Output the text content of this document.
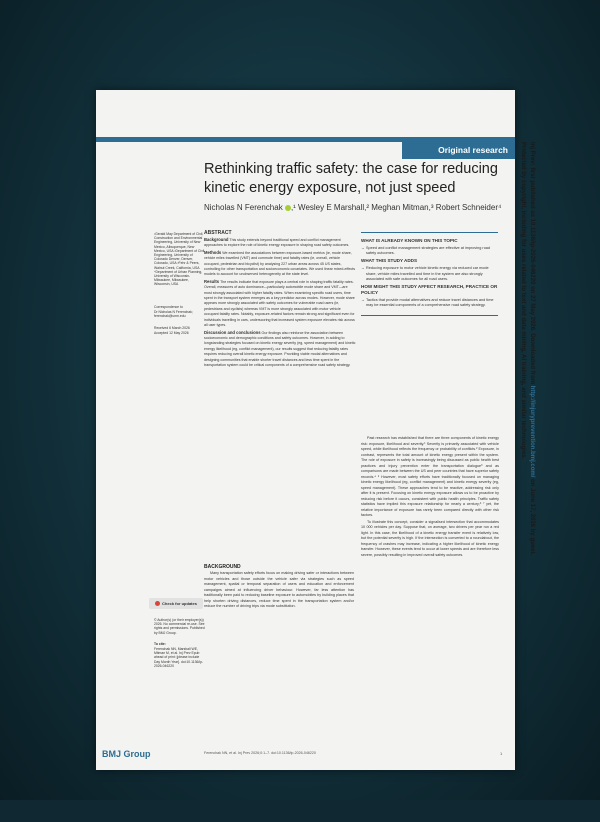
Original research
Rethinking traffic safety: the case for reducing kinetic energy exposure, not just speed
Nicholas N Ferenchak ,¹ Wesley E Marshall,² Meghan Mitman,³ Robert Schneider⁴
¹Gerald May Department of Civil, Construction and Environmental Engineering, University of New Mexico, Albuquerque, New Mexico, USA ²Department of Civil Engineering, University of Colorado Denver, Denver, Colorado, USA ³Fehr & Peers, Walnut Creek, California, USA ⁴Department of Urban Planning, University of Wisconsin-Milwaukee, Milwaukee, Wisconsin, USA
Correspondence to
Dr Nicholas N Ferenchak; ferenchak@unm.edu
Received 6 March 2026
Accepted 12 May 2026
ABSTRACT

Background This study extends beyond traditional speed and conflict management approaches to explore the role of kinetic energy exposure in shaping road safety outcomes.

Methods We examined the associations between exposure-based metrics (ie, mode share, vehicle miles travelled (VMT) and commute time) and fatality rates (ie, overall, vehicle occupant, pedestrian and bicyclist) by analysing 227 urban areas across 45 US states, controlling for other transportation and socioeconomic covariates. We used linear mixed-effects models to account for unobserved heterogeneity at the state level.

Results The results indicate that exposure plays a central role in shaping traffic fatality rates. Overall, measures of auto dominance—particularly automobile mode share and VMT—are most strongly associated with higher fatality rates. When examining specific road users, time spent in the transport system emerges as a key predictor across modes. However, mode share appears more strongly associated with safety outcomes for vulnerable road users (ie, pedestrians and cyclists) whereas VMT is more strongly associated with motor vehicle occupant fatality rates. Notably, exposure-related factors remain strong and significant even for individuals travelling in cars, underscoring that increased system exposure elevates risk across all user types.

Discussion and conclusions Our findings also reinforce the association between socioeconomic and demographic conditions and safety outcomes. However, in adding to longstanding strategies focused on kinetic energy severity (eg, speed management) and kinetic energy likelihood (eg, conflict management), our results suggest that reducing fatality rates requires reducing overall kinetic energy exposure. Providing viable modal alternatives and designing communities that enable shorter travel distances and less time spent in the transportation system could be critical components of a comprehensive road safety strategy.

WHAT IS ALREADY KNOWN ON THIS TOPIC
→ Speed and conflict management strategies are effective at improving road safety outcomes.
WHAT THIS STUDY ADDS
→ Reducing exposure to motor vehicle kinetic energy via reduced car mode share, vehicle miles travelled and time in the system are also strongly associated with safe outcomes for all road users.
HOW MIGHT THIS STUDY AFFECT RESEARCH, PRACTICE OR POLICY
→ Tactics that provide modal alternatives and reduce travel distances and time may be essential components of a comprehensive road safety strategy.

Past research has established that there are three components of kinetic energy risk: exposure, likelihood and severity.¹ Severity is primarily associated with vehicle speed, while likelihood reflects the frequency or probability of conflicts.² Exposure, in contrast, represents the total amount of kinetic energy present within the system. The role of exposure in safety is increasingly being discussed as public health best practices and injury prevention enter the transportation dialogue³ and as comparisons are made between the US and peer countries that have superior safety records.⁴ ⁵ However, most safety efforts have traditionally focused on managing kinetic energy likelihood (eg, conflict management) and kinetic energy severity (eg, speed management). These approaches tend to be reactive, addressing risk only after it is present. Focusing on kinetic energy exposure allows us to be proactive by reducing risk before it occurs, consistent with public health principles. Traffic safety statistics have implied this exposure relationship for nearly a century;⁶ ⁷ yet, the relative importance of exposure has rarely been compared directly with other risk factors.

To illustrate this concept, consider a signalised intersection that accommodates 10 000 vehicles per day. Suppose that, on average, two drivers per year run a red light. In this case, the likelihood of a kinetic energy transfer event is relatively low, but the potential severity is high. If the intersection is converted to a roundabout, the frequency of crashes may increase, indicating a higher likelihood of kinetic energy transfer. However, these events tend to occur at lower speeds and are therefore less severe, possibly resulting in improved overall safety outcomes.

BACKGROUND

Many transportation safety efforts focus on making driving safer or interactions between motor vehicles and those outside the vehicle safer via strategies such as speed management, spatial or temporal separation of users and education and enforcement campaigns aimed at influencing driver behaviour. However, far less attention has traditionally been paid to reducing baseline exposure to automobiles by building places that help shorten driving distances, reduce time spent in the transportation system and/or reduce the number of driving trips via mode substitution.

Check for updates
© Author(s) (or their employer(s)) 2026. No commercial re-use. See rights and permissions. Published by BMJ Group.
To cite:
Ferenchak NN, Marshall WE, Mitman M, et al. Inj Prev Epub ahead of print: [please include Day Month Year]. doi:10.1136/ip-2026-046220
BMJ Group	Ferenchak NN, et al. Inj Prev 2026;0:1–7. doi:10.1136/ip-2026-046220	1
Inj Prev: first published as 10.1136/ip-2026-046220 on 27 May 2026. Downloaded from http://injuryprevention.bmj.com/ on June 17, 2026 by guest.
Protected by copyright, including for uses related to text and data mining, AI training, and similar technologies.
